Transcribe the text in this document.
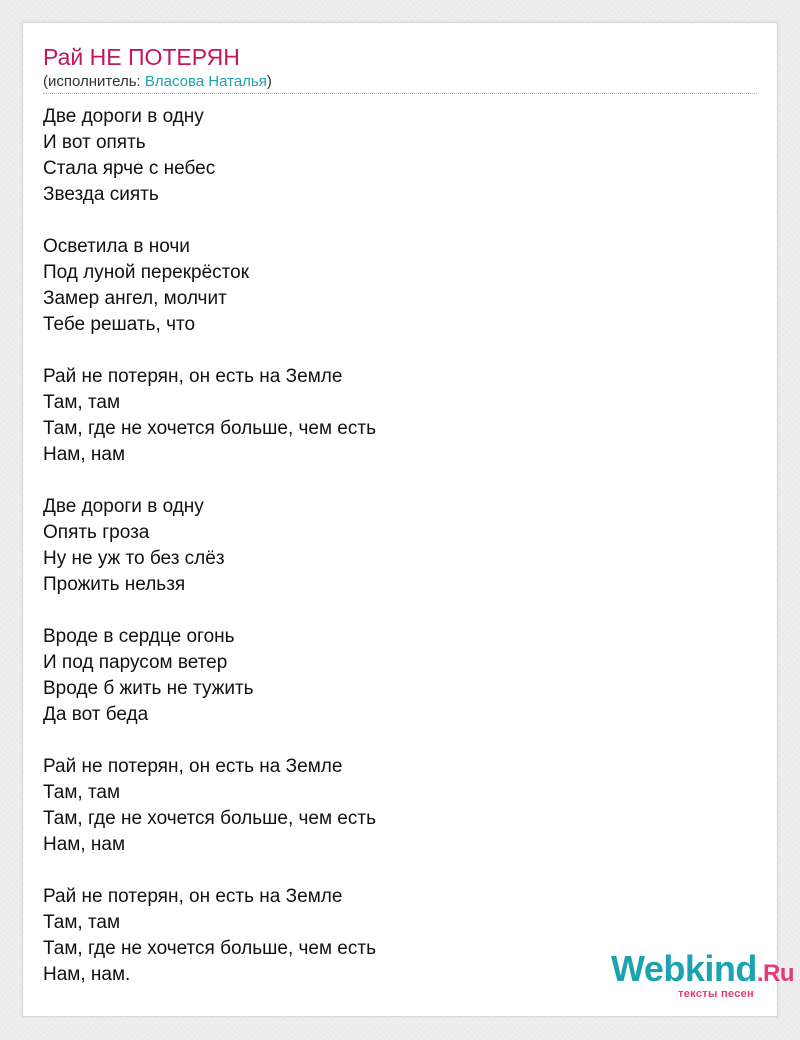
Рай НЕ ПОТЕРЯН
(исполнитель: Власова Наталья)
Две дороги в одну
И вот опять
Стала ярче с небес
Звезда сиять
Осветила в ночи
Под луной перекрёсток
Замер ангел, молчит
Тебе решать, что
Рай не потерян, он есть на Земле
Там, там
Там, где не хочется больше, чем есть
Нам, нам
Две дороги в одну
Опять гроза
Ну не уж то без слёз
Прожить нельзя
Вроде в сердце огонь
И под парусом ветер
Вроде б жить не тужить
Да вот беда
Рай не потерян, он есть на Земле
Там, там
Там, где не хочется больше, чем есть
Нам, нам
Рай не потерян, он есть на Земле
Там, там
Там, где не хочется больше, чем есть
Нам, нам.	Webkind.Ru
тексты песен
